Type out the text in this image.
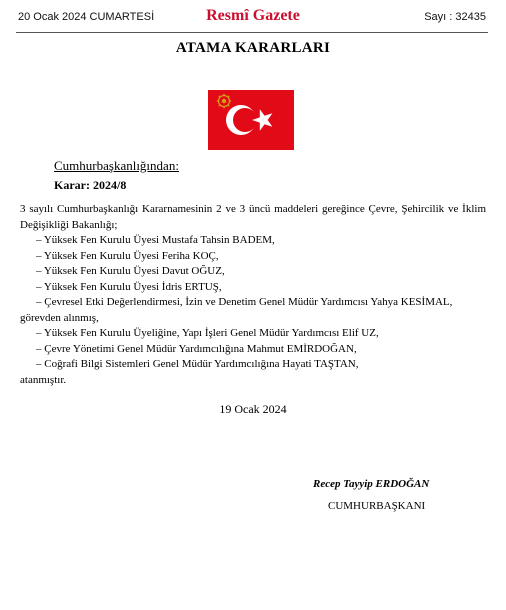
20 Ocak 2024 CUMARTESİ	Resmî Gazete	Sayı : 32435
ATAMA KARARLARI
Cumhurbaşkanlığından:
Karar: 2024/8
3 sayılı Cumhurbaşkanlığı Kararnamesinin 2 ve 3 üncü maddeleri gereğince Çevre, Şehircilik ve İklim Değişikliği Bakanlığı;
– Yüksek Fen Kurulu Üyesi Mustafa Tahsin BADEM,
– Yüksek Fen Kurulu Üyesi Feriha KOÇ,
– Yüksek Fen Kurulu Üyesi Davut OĞUZ,
– Yüksek Fen Kurulu Üyesi İdris ERTUŞ,
– Çevresel Etki Değerlendirmesi, İzin ve Denetim Genel Müdür Yardımcısı Yahya KESİMAL,
görevden alınmış,
– Yüksek Fen Kurulu Üyeliğine, Yapı İşleri Genel Müdür Yardımcısı Elif UZ,
– Çevre Yönetimi Genel Müdür Yardımcılığına Mahmut EMİRDOĞAN,
– Coğrafi Bilgi Sistemleri Genel Müdür Yardımcılığına Hayati TAŞTAN,
atanmıştır.
19 Ocak 2024
Recep Tayyip ERDOĞAN
CUMHURBAŞKANI
